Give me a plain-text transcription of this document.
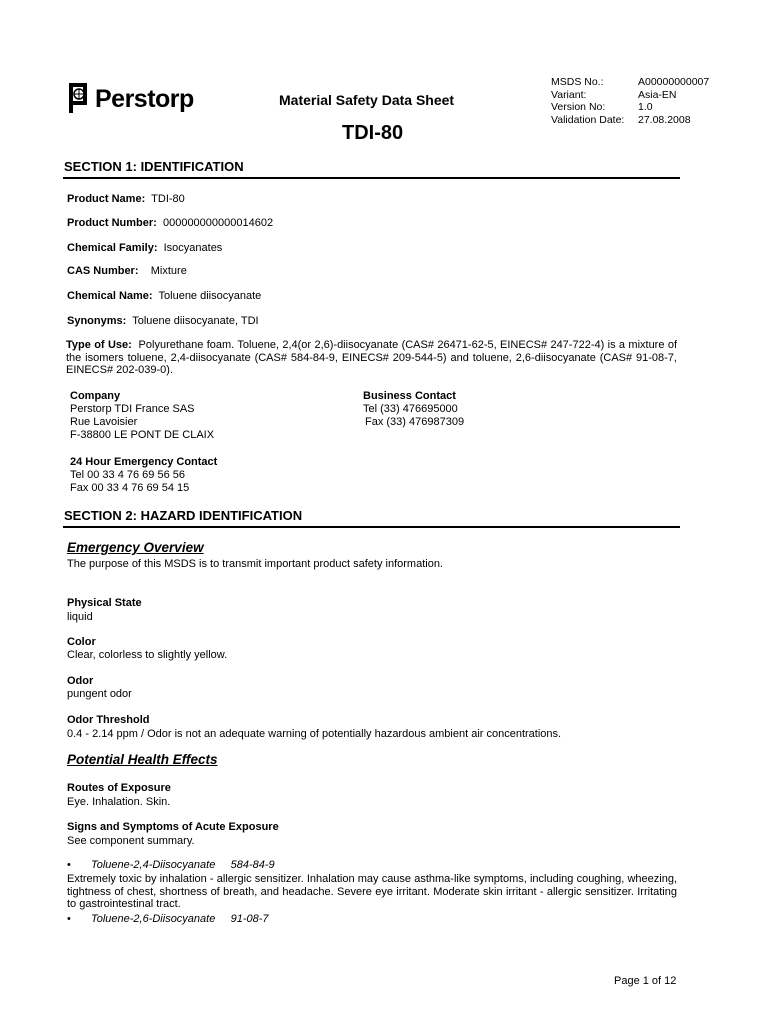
Perstorp	Material Safety Data Sheet
TDI-80
MSDS No.:	A00000000007
Variant:	Asia-EN
Version No:	1.0
Validation Date:	27.08.2008
SECTION 1: IDENTIFICATION
Product Name: TDI-80
Product Number: 000000000000014602
Chemical Family: Isocyanates
CAS Number: Mixture
Chemical Name: Toluene diisocyanate
Synonyms: Toluene diisocyanate, TDI
Type of Use: Polyurethane foam. Toluene, 2,4(or 2,6)-diisocyanate (CAS# 26471-62-5, EINECS# 247-722-4) is a mixture of the isomers toluene, 2,4-diisocyanate (CAS# 584-84-9, EINECS# 209-544-5) and toluene, 2,6-diisocyanate (CAS# 91-08-7, EINECS# 202-039-0).
Company
Perstorp TDI France SAS
Rue Lavoisier
F-38800 LE PONT DE CLAIX
Business Contact
Tel (33) 476695000
Fax (33) 476987309
24 Hour Emergency Contact
Tel 00 33 4 76 69 56 56
Fax 00 33 4 76 69 54 15
SECTION 2: HAZARD IDENTIFICATION
Emergency Overview
The purpose of this MSDS is to transmit important product safety information.
Physical State
liquid
Color
Clear, colorless to slightly yellow.
Odor
pungent odor
Odor Threshold
0.4 - 2.14 ppm / Odor is not an adequate warning of potentially hazardous ambient air concentrations.
Potential Health Effects
Routes of Exposure
Eye. Inhalation. Skin.
Signs and Symptoms of Acute Exposure
See component summary.
• Toluene-2,4-Diisocyanate     584-84-9
Extremely toxic by inhalation - allergic sensitizer. Inhalation may cause asthma-like symptoms, including coughing, wheezing, tightness of chest, shortness of breath, and headache. Severe eye irritant. Moderate skin irritant - allergic sensitizer. Irritating to gastrointestinal tract.
• Toluene-2,6-Diisocyanate     91-08-7
Page 1 of 12
